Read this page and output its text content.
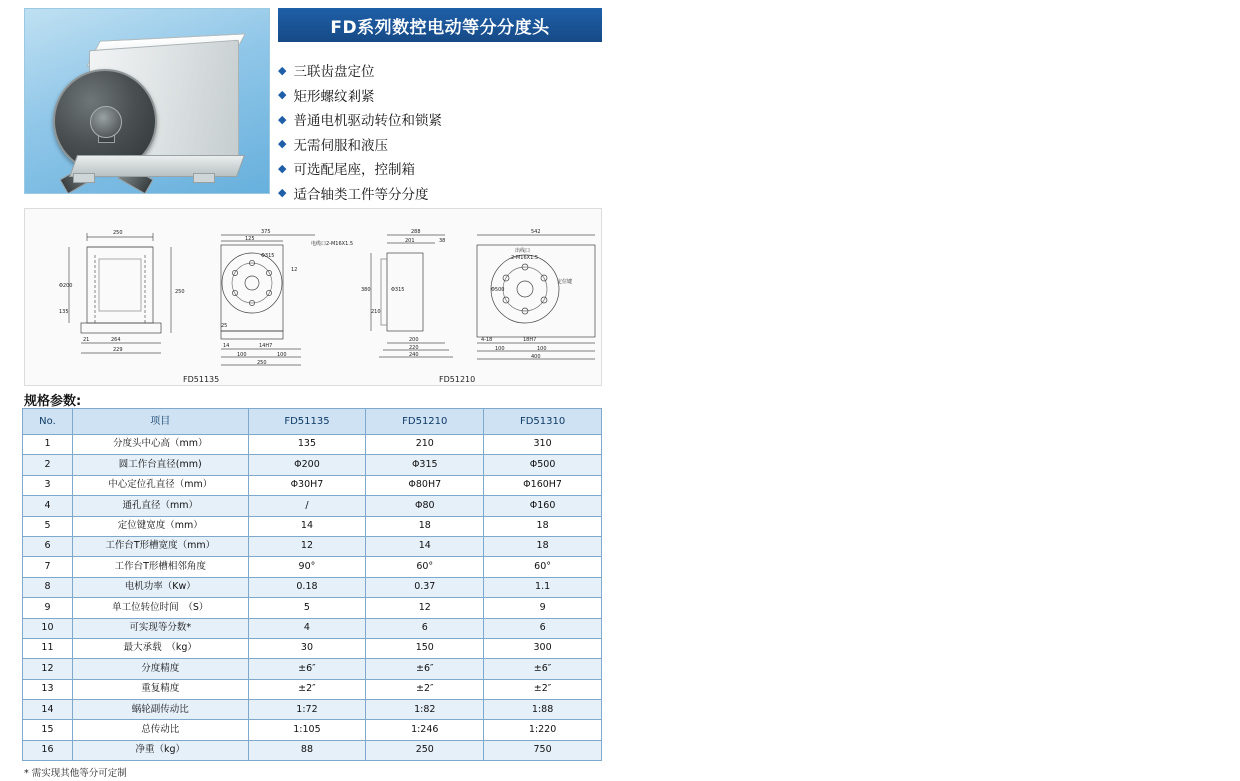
FD系列数控电动等分分度头
◆ 三联齿盘定位
◆ 矩形螺纹剎紧
◆ 普通电机驱动转位和锁紧
◆ 无需伺服和液压
◆ 可选配尾座，控制箱
◆ 适合轴类工件等分分度
250
Φ200
135
250
21	264
229
375
125
Φ315
12
电缆口2-M16X1.5
14	14H7
100	100
250
25
288
201	38
380	Φ315
210
200
220
240
542
出线口
2-M16X1.5
Φ500
定位键
4-18	18H7
100	100
400
FD51135	FD51210
规格参数:
No.	项目	FD51135	FD51210	FD51310
1	分度头中心高（mm）	135	210	310
2	圆工作台直径(mm)	Φ200	Φ315	Φ500
3	中心定位孔直径（mm）	Φ30H7	Φ80H7	Φ160H7
4	通孔直径（mm）	/	Φ80	Φ160
5	定位键宽度（mm）	14	18	18
6	工作台T形槽宽度（mm）	12	14	18
7	工作台T形槽相邻角度	90°	60°	60°
8	电机功率（Kw）	0.18	0.37	1.1
9	单工位转位时间　（S）	5	12	9
10	可实现等分数*	4	6	6
11	最大承载　（kg）	30	150	300
12	分度精度	±6″	±6″	±6″
13	重复精度	±2″	±2″	±2″
14	蜗轮副传动比	1:72	1:82	1:88
15	总传动比	1:105	1:246	1:220
16	净重（kg）	88	250	750
* 需实现其他等分可定制
